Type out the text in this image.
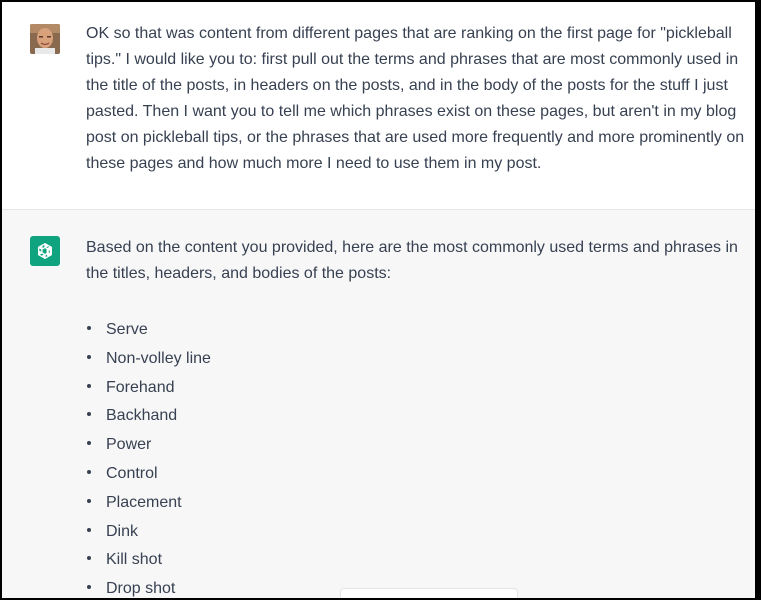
OK so that was content from different pages that are ranking on the first page for "pickleball tips." I would like you to: first pull out the terms and phrases that are most commonly used in the title of the posts, in headers on the posts, and in the body of the posts for the stuff I just pasted. Then I want you to tell me which phrases exist on these pages, but aren't in my blog post on pickleball tips, or the phrases that are used more frequently and more prominently on these pages and how much more I need to use them in my post.
Based on the content you provided, here are the most commonly used terms and phrases in the titles, headers, and bodies of the posts:
Serve
Non-volley line
Forehand
Backhand
Power
Control
Placement
Dink
Kill shot
Drop shot
